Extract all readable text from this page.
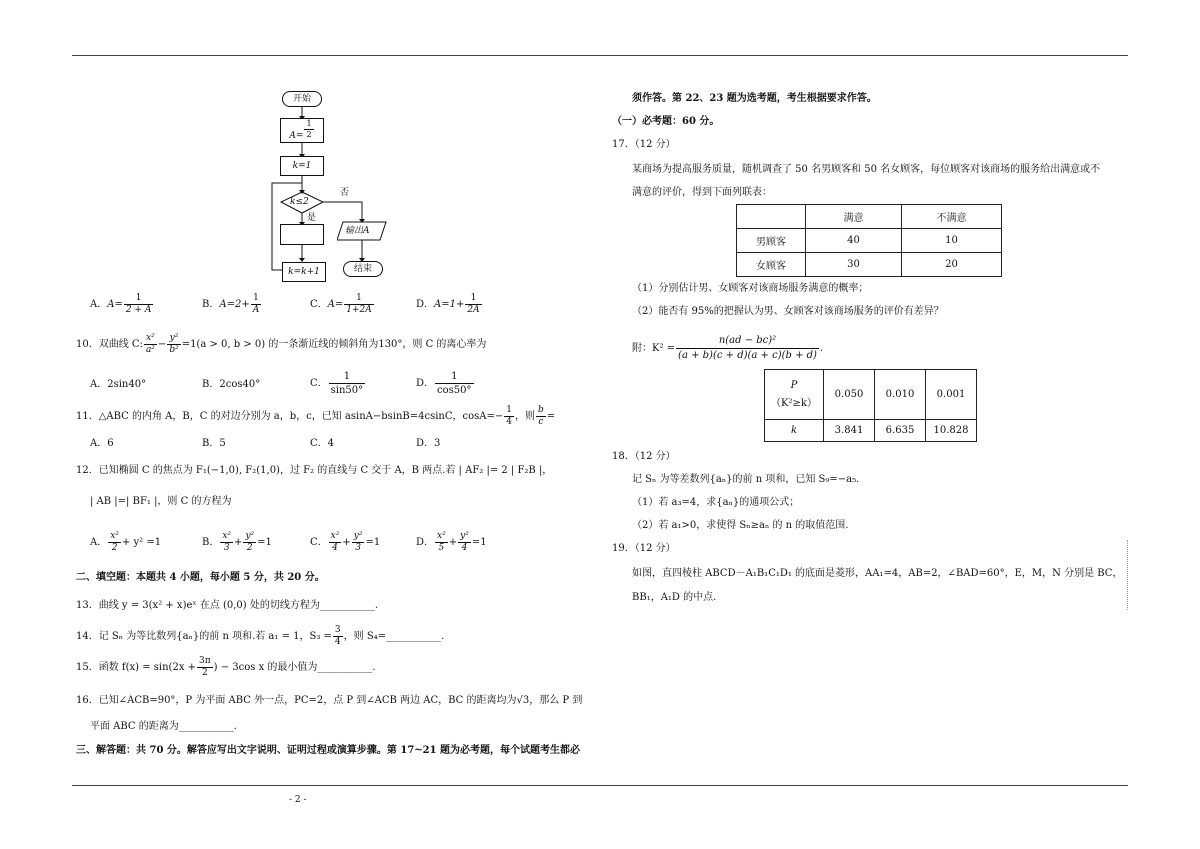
开始
$A= \frac{1}{2}$
k=1
k≤2
是
否
输出A
结束
k=k+1
A．$A= \frac{1}{2 + A}$	B．$A=2+ \frac{1}{A}$	C．$A= \frac{1}{1+2A}$	D．$A=1+ \frac{1}{2A}$
10．双曲线 C: $\frac{\text{x²}}{\text{a²}} - \frac{\text{y²}}{\text{b²}} =1(a > 0$, b > 0) 的一条渐近线的倾斜角为130°，则 C 的离心率为
A．2sin40°	B．2cos40°	C． $\frac{1}{\sin 50^\circ}$	D． $\frac{1}{\cos 50^\circ}$
11．△ABC 的内角 A，B，C 的对边分别为 a，b，c，已知 asinA−bsinB=4csinC，$\cos A=- \frac{1}{4}$ ，则 $\frac{b}{c}$ =
A．6	B．5	C．4	D．3
12．已知椭圆 C 的焦点为 F₁(−1,0), F₂(1,0)，过 F₂ 的直线与 C 交于 A，B 两点.若 | AF₂ |= 2 | F₂B |，
| AB |=| BF₁ |，则 C 的方程为
A． $\frac{\text{x²}}{2} + y^2 =1$	B． $\frac{\text{x²}}{3} + \frac{\text{y²}}{2} =1$	C． $\frac{\text{x²}}{4} + \frac{\text{y²}}{3} =1$	D． $\frac{\text{x²}}{5} + \frac{\text{y²}}{4} =1$
二、填空题：本题共 4 小题，每小题 5 分，共 20 分。
13．曲线 y = 3(x² + x)eˣ 在点 (0,0) 处的切线方程为___________.
14．记 Sₙ 为等比数列{aₙ}的前 n 项和.若 a₁ = 1，$S_3 = \frac{3}{4}$ ，则 S₄=___________.
15．函数 $f(x) = \sin(2x + \frac{3\pi}{2}$ ) − 3cos x 的最小值为___________.
16．已知∠ACB=90°，P 为平面 ABC 外一点，PC=2，点 P 到∠ACB 两边 AC，BC 的距离均为√3，那么 P 到
平面 ABC 的距离为___________.
三、解答题：共 70 分。解答应写出文字说明、证明过程或演算步骤。第 17~21 题为必考题，每个试题考生都必
须作答。第 22、23 题为选考题，考生根据要求作答。
（一）必考题：60 分。
17．（12 分）
某商场为提高服务质量，随机调查了 50 名男顾客和 50 名女顾客，每位顾客对该商场的服务给出满意或不
满意的评价，得到下面列联表：
	满意	不满意
男顾客	40	10
女顾客	30	20
（1）分别估计男、女顾客对该商场服务满意的概率；
（2）能否有 95%的把握认为男、女顾客对该商场服务的评价有差异？
附：$K^2 = \frac{\text{n(ad − bc)²}}{(a + b)(c + d)(a + c)(b + d)}$ .
P
（K²≥k）	0.050	0.010	0.001
k	3.841	6.635	10.828
18．（12 分）
记 Sₙ 为等差数列{aₙ}的前 n 项和，已知 S₉=−a₅.
（1）若 a₃=4，求{aₙ}的通项公式；
（2）若 a₁>0，求使得 Sₙ≥aₙ 的 n 的取值范围.
19．（12 分）
如图，直四棱柱 ABCD－A₁B₁C₁D₁ 的底面是菱形，AA₁=4，AB=2，∠BAD=60°，E，M，N 分别是 BC，
BB₁，A₁D 的中点.
- 2 -
